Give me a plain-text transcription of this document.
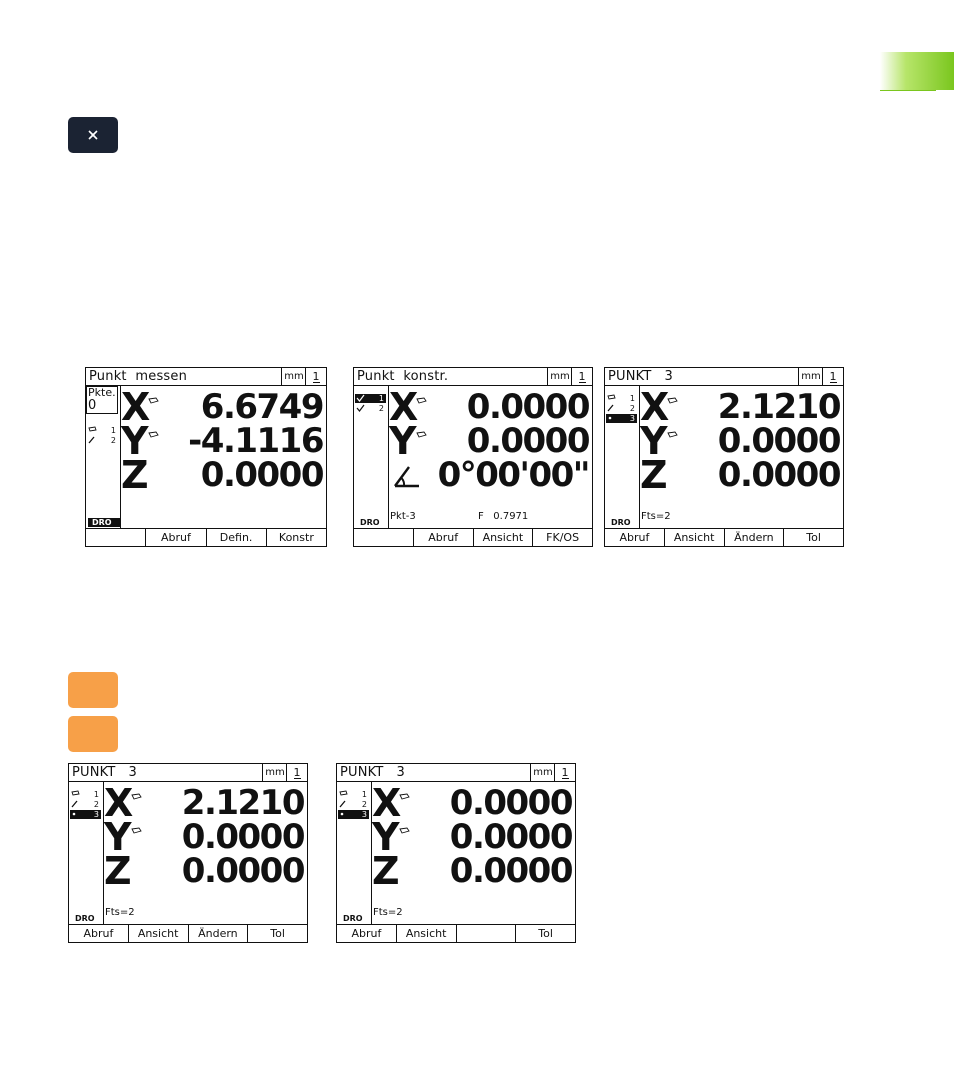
Punkt  messen	mm 1
Pkte.
0
1
2
DRO
X 6.6749
Y -4.1116
Z 0.0000
Abruf	Defin.	Konstr
Punkt  konstr.	mm 1
1
2
DRO
X 0.0000
Y 0.0000
0°00'00"
Pkt-3	F   0.7971
Abruf	Ansicht	FK/OS
PUNKT   3	mm 1
1
2
3
DRO
X 2.1210
Y 0.0000
Z 0.0000
Fts=2
Abruf	Ansicht	Ändern	Tol
PUNKT   3	mm 1
1
2
3
DRO
X 2.1210
Y 0.0000
Z 0.0000
Fts=2
Abruf	Ansicht	Ändern	Tol
PUNKT   3	mm 1
1
2
3
DRO
X 0.0000
Y 0.0000
Z 0.0000
Fts=2
Abruf	Ansicht	Tol
